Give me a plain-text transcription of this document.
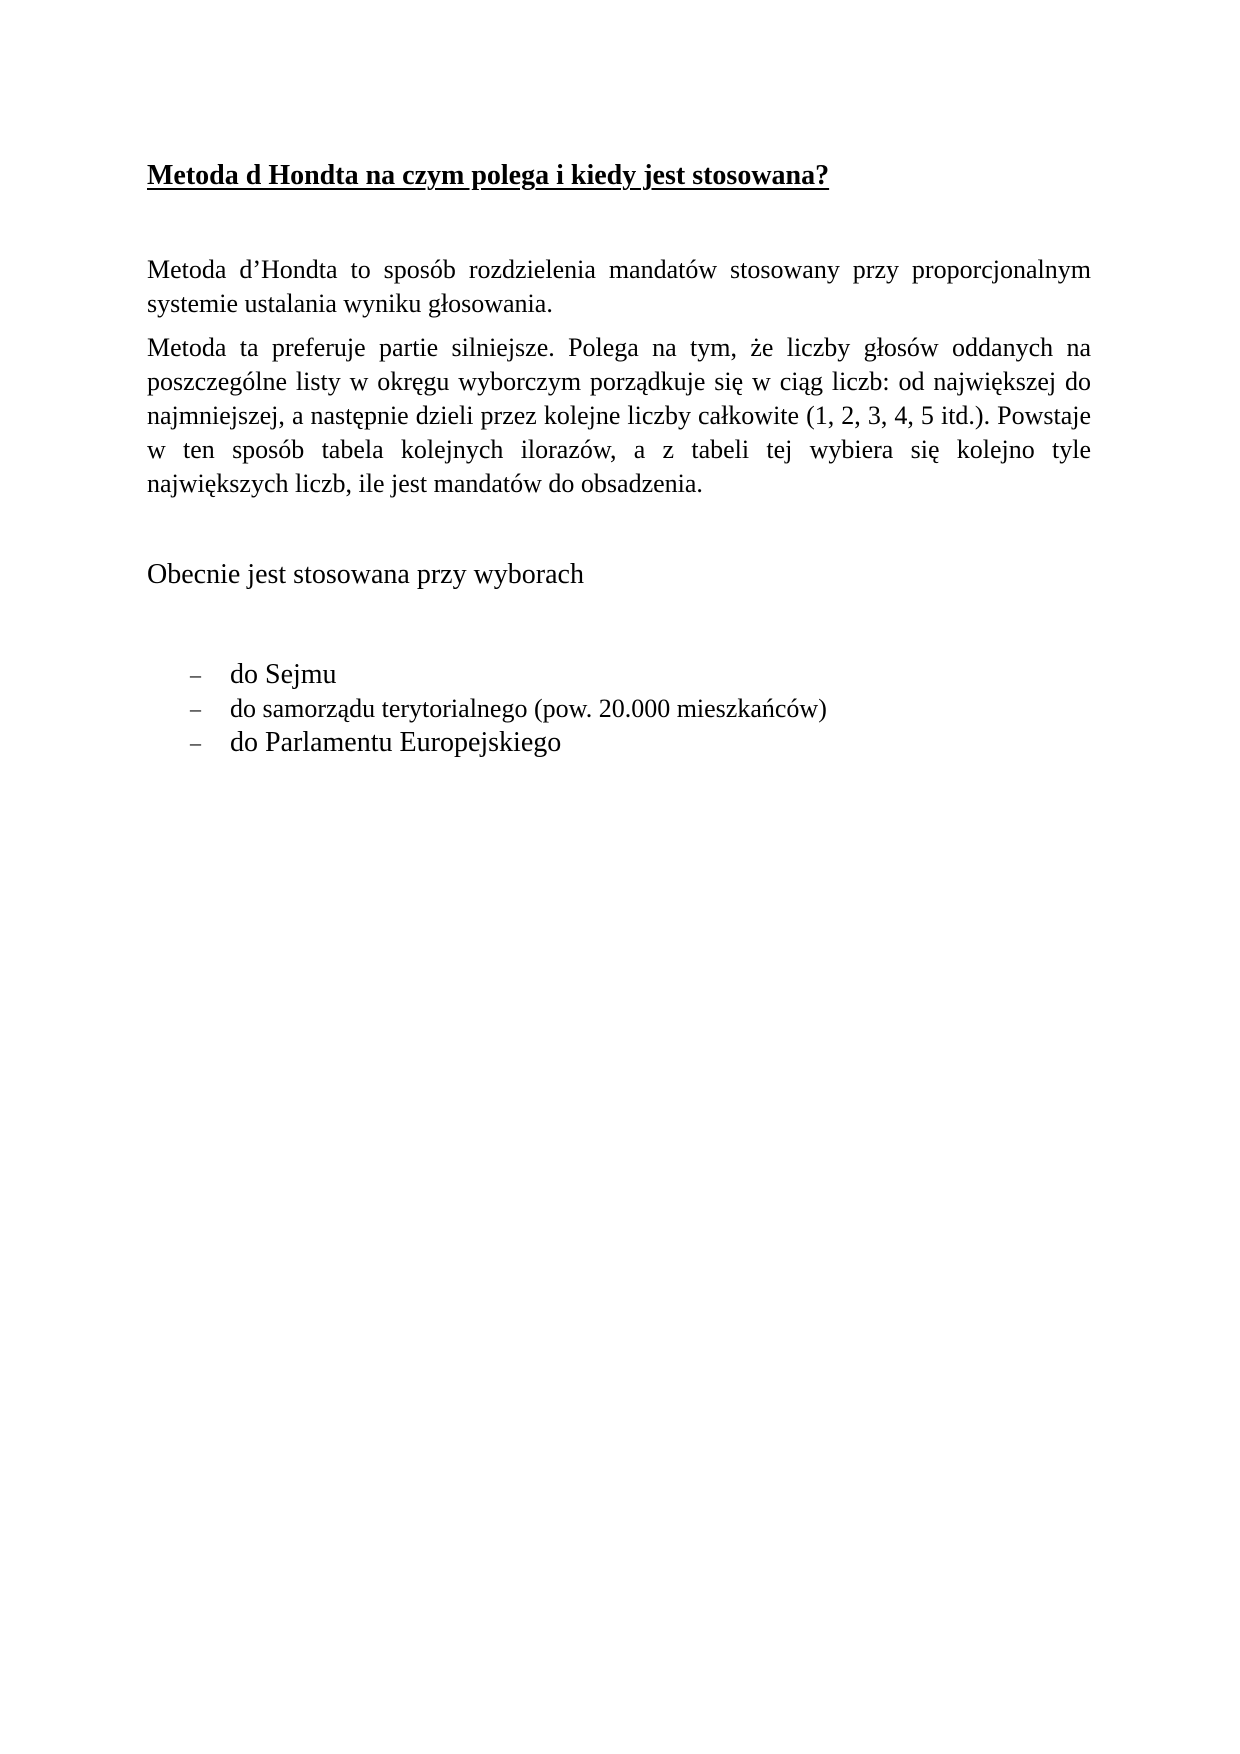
Metoda d Hondta na czym polega i kiedy jest stosowana?

Metoda d’Hondta to sposób rozdzielenia mandatów stosowany przy proporcjonalnym systemie ustalania wyniku głosowania.

Metoda ta preferuje partie silniejsze. Polega na tym, że liczby głosów oddanych na poszczególne listy w okręgu wyborczym porządkuje się w ciąg liczb: od największej do najmniejszej, a następnie dzieli przez kolejne liczby całkowite (1, 2, 3, 4, 5 itd.). Powstaje w ten sposób tabela kolejnych ilorazów, a z tabeli tej wybiera się kolejno tyle największych liczb, ile jest mandatów do obsadzenia.

Obecnie jest stosowana przy wyborach

– do Sejmu
– do samorządu terytorialnego (pow. 20.000 mieszkańców)
– do Parlamentu Europejskiego
